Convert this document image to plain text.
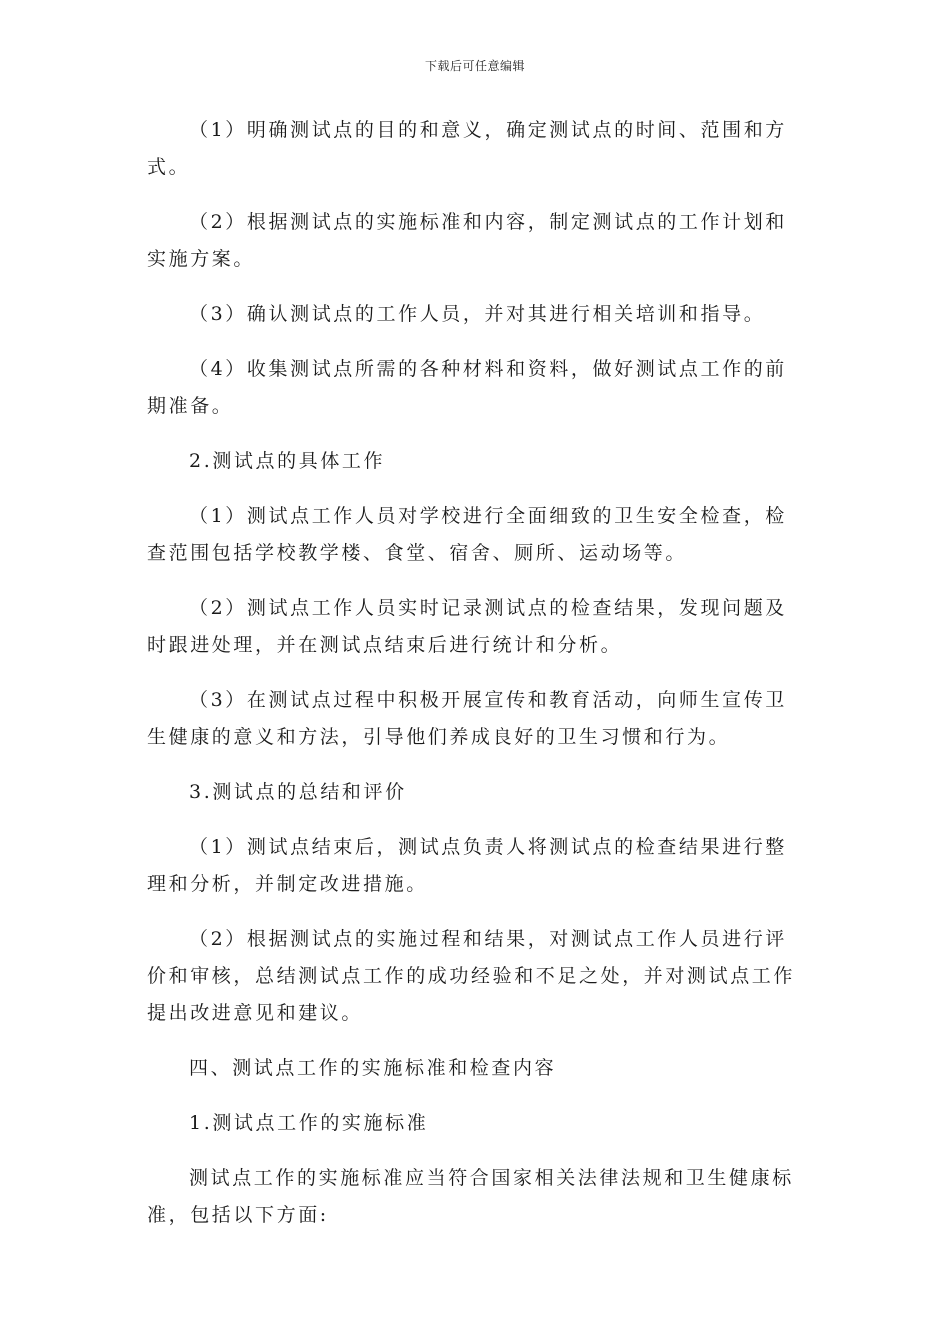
下载后可任意编辑

（1）明确测试点的目的和意义，确定测试点的时间、范围和方式。

（2）根据测试点的实施标准和内容，制定测试点的工作计划和实施方案。

（3）确认测试点的工作人员，并对其进行相关培训和指导。

（4）收集测试点所需的各种材料和资料，做好测试点工作的前期准备。

2.测试点的具体工作

（1）测试点工作人员对学校进行全面细致的卫生安全检查，检查范围包括学校教学楼、食堂、宿舍、厕所、运动场等。

（2）测试点工作人员实时记录测试点的检查结果，发现问题及时跟进处理，并在测试点结束后进行统计和分析。

（3）在测试点过程中积极开展宣传和教育活动，向师生宣传卫生健康的意义和方法，引导他们养成良好的卫生习惯和行为。

3.测试点的总结和评价

（1）测试点结束后，测试点负责人将测试点的检查结果进行整理和分析，并制定改进措施。

（2）根据测试点的实施过程和结果，对测试点工作人员进行评价和审核，总结测试点工作的成功经验和不足之处，并对测试点工作提出改进意见和建议。

四、测试点工作的实施标准和检查内容

1.测试点工作的实施标准

测试点工作的实施标准应当符合国家相关法律法规和卫生健康标准，包括以下方面:
